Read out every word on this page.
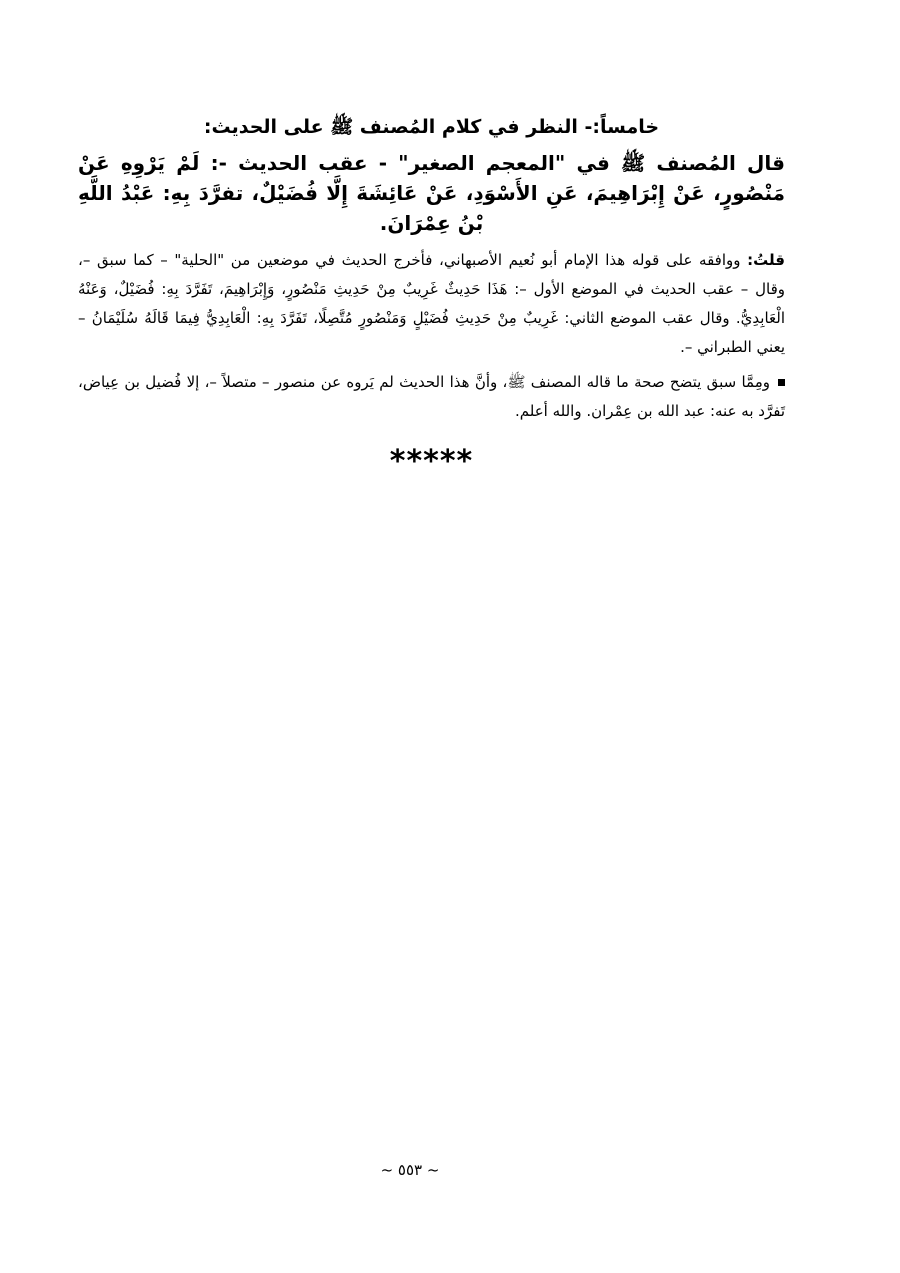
خامساً:- النظر في كلام المُصنف ﷺ على الحديث:

قال المُصنف ﷺ في "المعجم الصغير" - عقب الحديث -: لَمْ يَرْوِهِ عَنْ مَنْصُورٍ، عَنْ إِبْرَاهِيمَ، عَنِ الأَسْوَدِ، عَنْ عَائِشَةَ إِلَّا فُضَيْلٌ، تفرَّدَ بِهِ: عَبْدُ اللَّهِ بْنُ عِمْرَانَ.

قلتُ: ووافقه على قوله هذا الإمام أبو نُعيم الأصبهاني، فأخرج الحديث في موضعين من "الحلية" – كما سبق –، وقال – عقب الحديث في الموضع الأول –: هَذَا حَدِيثٌ غَرِيبٌ مِنْ حَدِيثِ مَنْصُورٍ، وَإِبْرَاهِيمَ، تَفَرَّدَ بِهِ: فُضَيْلٌ، وَعَنْهُ الْعَابِدِيُّ. وقال عقب الموضع الثاني: غَرِيبٌ مِنْ حَدِيثِ فُضَيْلٍ وَمَنْصُورٍ مُتَّصِلًا، تَفَرَّدَ بِهِ: الْعَابِدِيُّ فِيمَا قَالَهُ سُلَيْمَانُ – يعني الطبراني –.

ومِمَّا سبق يتضح صحة ما قاله المصنف ﷺ، وأنَّ هذا الحديث لم يَروه عن منصور – متصلاً –، إلا فُضيل بن عِياض، تَفرَّد به عنه: عبد الله بن عِمْران. والله أعلم.

*****
~ ٥٥٣ ~
